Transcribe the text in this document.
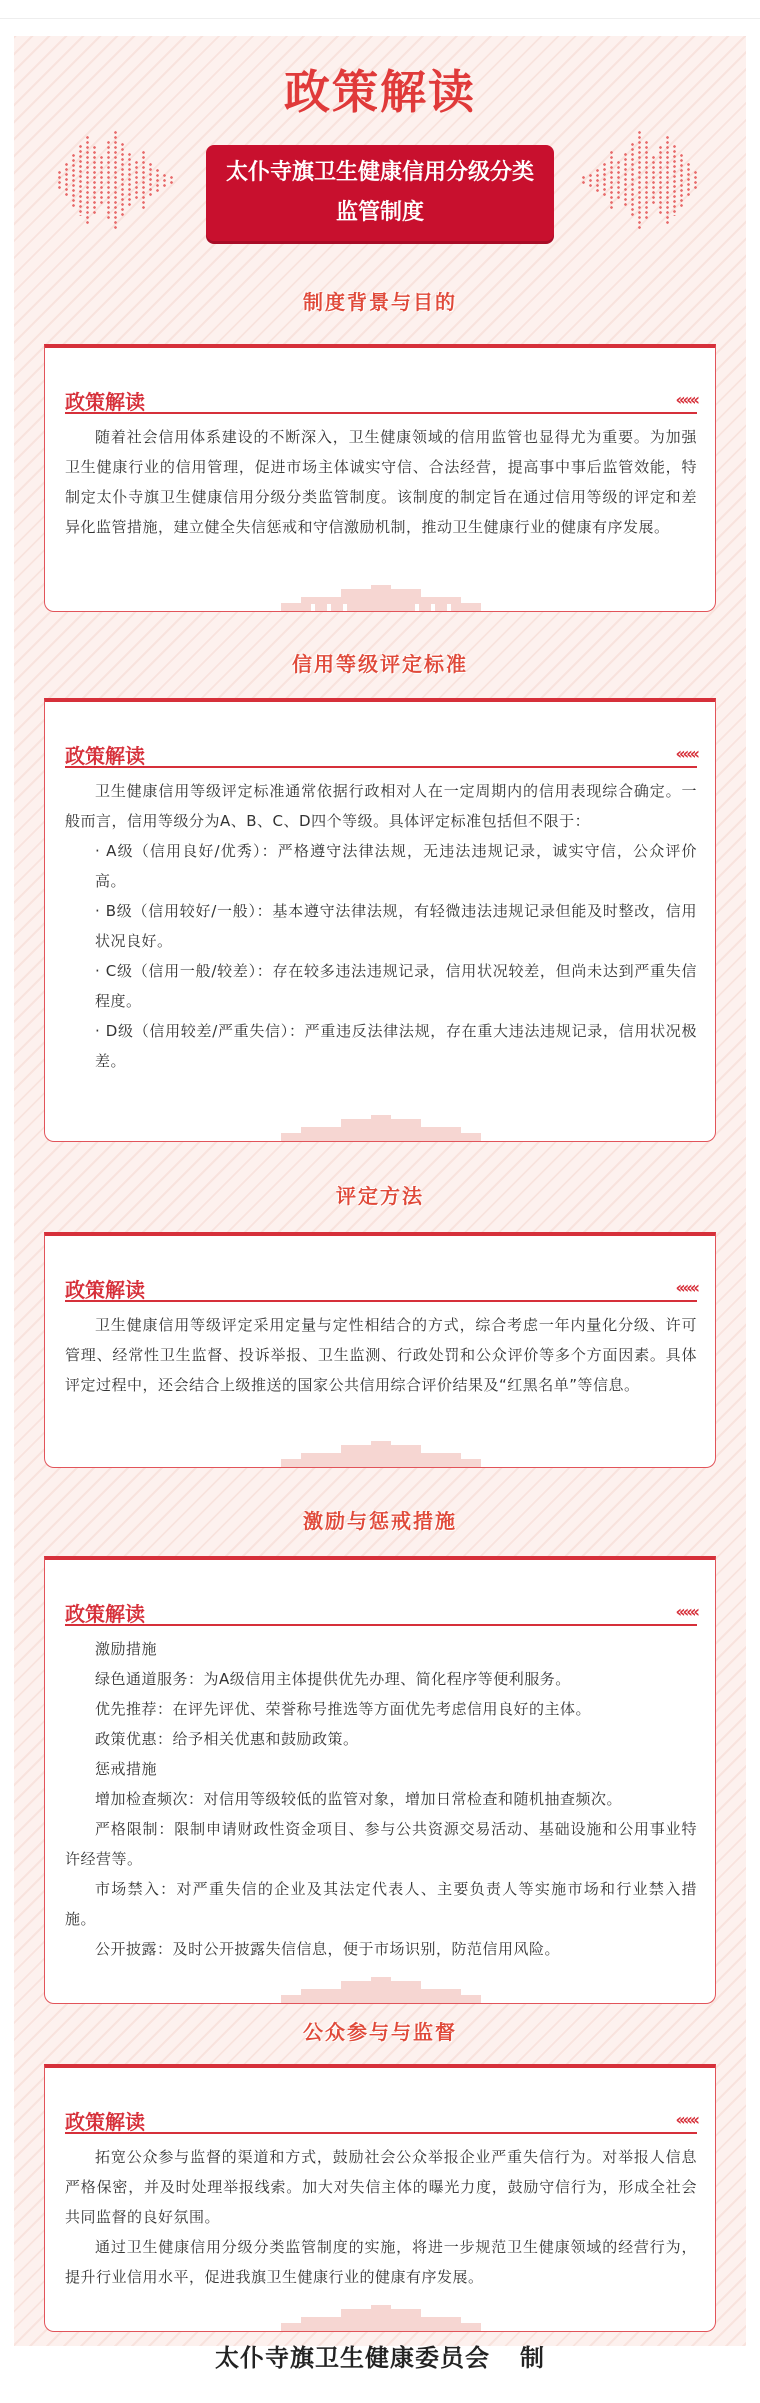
政策解读
太仆寺旗卫生健康信用分级分类
监管制度
制度背景与目的
政策解读	‹‹‹‹‹‹

随着社会信用体系建设的不断深入，卫生健康领域的信用监管也显得尤为重要。为加强卫生健康行业的信用管理，促进市场主体诚实守信、合法经营，提高事中事后监管效能，特制定太仆寺旗卫生健康信用分级分类监管制度。该制度的制定旨在通过信用等级的评定和差异化监管措施，建立健全失信惩戒和守信激励机制，推动卫生健康行业的健康有序发展。

信用等级评定标准
政策解读	‹‹‹‹‹‹

卫生健康信用等级评定标准通常依据行政相对人在一定周期内的信用表现综合确定。一般而言，信用等级分为A、B、C、D四个等级。具体评定标准包括但不限于：

· A级（信用良好/优秀）：严格遵守法律法规，无违法违规记录，诚实守信，公众评价高。

· B级（信用较好/一般）：基本遵守法律法规，有轻微违法违规记录但能及时整改，信用状况良好。

· C级（信用一般/较差）：存在较多违法违规记录，信用状况较差，但尚未达到严重失信程度。

· D级（信用较差/严重失信）：严重违反法律法规，存在重大违法违规记录，信用状况极差。

评定方法
政策解读	‹‹‹‹‹‹

卫生健康信用等级评定采用定量与定性相结合的方式，综合考虑一年内量化分级、许可管理、经常性卫生监督、投诉举报、卫生监测、行政处罚和公众评价等多个方面因素。具体评定过程中，还会结合上级推送的国家公共信用综合评价结果及“红黑名单”等信息。

激励与惩戒措施
政策解读	‹‹‹‹‹‹

激励措施

绿色通道服务：为A级信用主体提供优先办理、简化程序等便利服务。

优先推荐：在评先评优、荣誉称号推选等方面优先考虑信用良好的主体。

政策优惠：给予相关优惠和鼓励政策。

惩戒措施

增加检查频次：对信用等级较低的监管对象，增加日常检查和随机抽查频次。

严格限制：限制申请财政性资金项目、参与公共资源交易活动、基础设施和公用事业特许经营等。

市场禁入：对严重失信的企业及其法定代表人、主要负责人等实施市场和行业禁入措施。

公开披露：及时公开披露失信信息，便于市场识别，防范信用风险。

公众参与与监督
政策解读	‹‹‹‹‹‹

拓宽公众参与监督的渠道和方式，鼓励社会公众举报企业严重失信行为。对举报人信息严格保密，并及时处理举报线索。加大对失信主体的曝光力度，鼓励守信行为，形成全社会共同监督的良好氛围。

通过卫生健康信用分级分类监管制度的实施，将进一步规范卫生健康领域的经营行为，提升行业信用水平，促进我旗卫生健康行业的健康有序发展。

太仆寺旗卫生健康委员会 制
